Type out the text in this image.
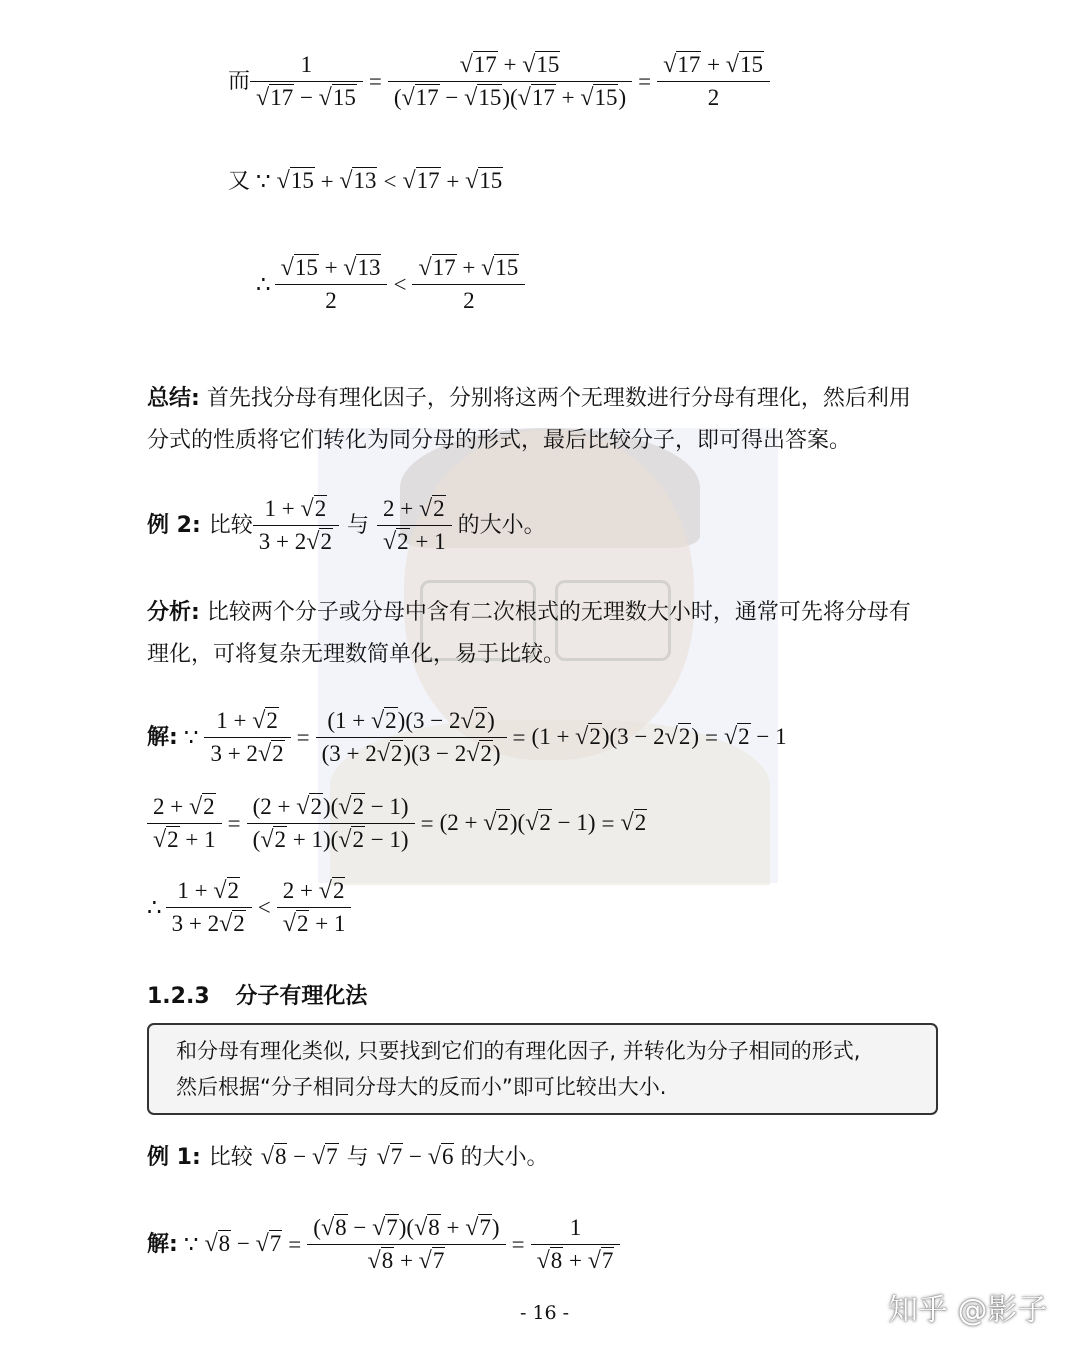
而 $\frac{1}{√17 - √15} = \frac{√17 + √15}{(√17 - √15)(√17 + √15)} = \frac{√17 + √15}{2}$
又 ∵ √15 + √13 < √17 + √15
∴ $\frac{√15 + √13}{2} < \frac{√17 + √15}{2}$
总结: 首先找分母有理化因子，分别将这两个无理数进行分母有理化，然后利用
分式的性质将它们转化为同分母的形式，最后比较分子，即可得出答案。
例 2: 比较 $\frac{1 + √2}{3 + 2√2}$ 与 $\frac{2 + √2}{√2 + 1}$ 的大小。
分析: 比较两个分子或分母中含有二次根式的无理数大小时，通常可先将分母有
理化，可将复杂无理数简单化，易于比较。
解: ∵ $\frac{1 + √2}{3 + 2√2} = \frac{(1 + √2)(3 - 2√2)}{(3 + 2√2)(3 - 2√2)} = (1 + √2)(3 - 2√2) = √2 - 1$
$\frac{2 + √2}{√2 + 1} = \frac{(2 + √2)(√2 - 1)}{(√2 + 1)(√2 - 1)} = (2 + √2)(√2 - 1) = √2$
∴ $\frac{1 + √2}{3 + 2√2} < \frac{2 + √2}{√2 + 1}$
1.2.3 分子有理化法
和分母有理化类似, 只要找到它们的有理化因子, 并转化为分子相同的形式,
然后根据“分子相同分母大的反而小”即可比较出大小.
例 1: 比较 √8 − √7 与 √7 − √6 的大小。
解: ∵ $√8 - √7 = \frac{(√8 - √7)(√8 + √7)}{√8 + √7} = \frac{1}{√8 + √7}$
- 16 -	知乎 @影子
